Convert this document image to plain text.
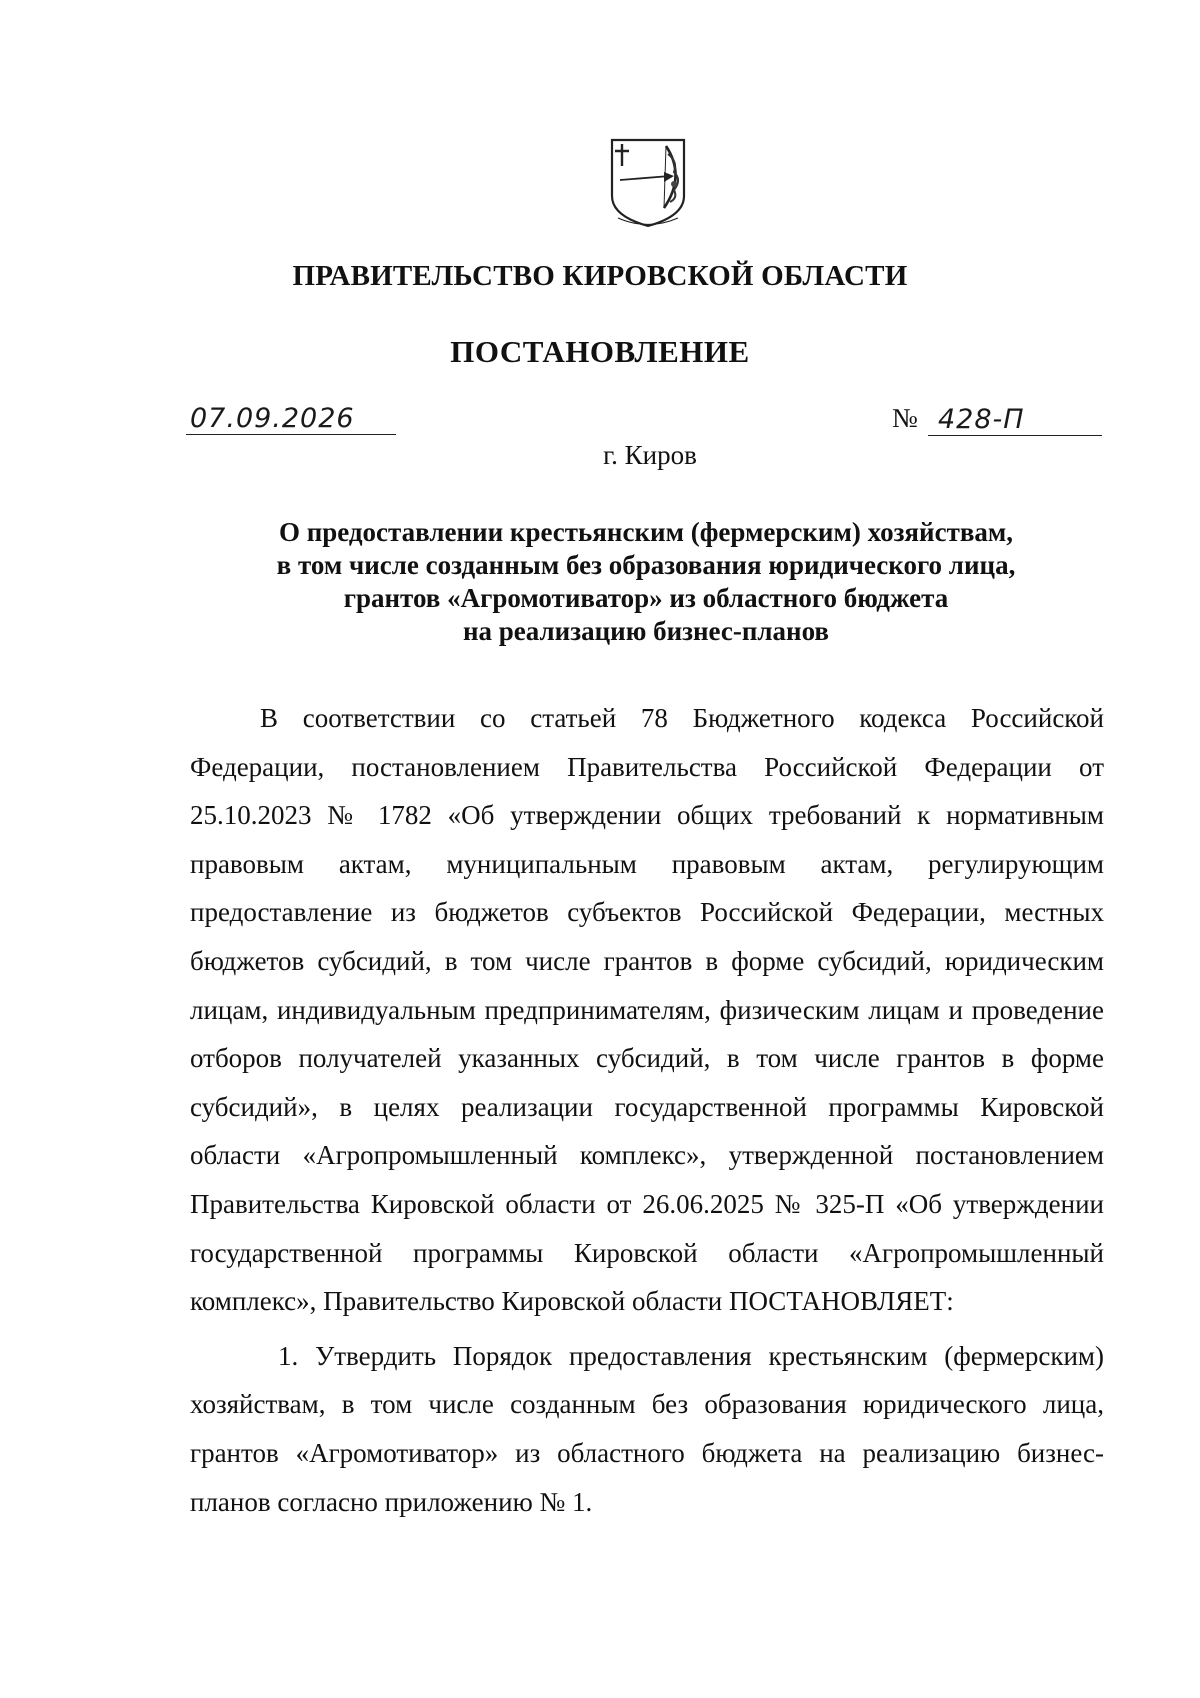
ПРАВИТЕЛЬСТВО КИРОВСКОЙ ОБЛАСТИ
ПОСТАНОВЛЕНИЕ
07.09.2026	№ 428-П
г. Киров
О предоставлении крестьянским (фермерским) хозяйствам,
в том числе созданным без образования юридического лица,
грантов «Агромотиватор» из областного бюджета
на реализацию бизнес-планов

В соответствии со статьей 78 Бюджетного кодекса Российской Федерации, постановлением Правительства Российской Федерации от 25.10.2023 № 1782 «Об утверждении общих требований к нормативным правовым актам, муниципальным правовым актам, регулирующим предоставление из бюджетов субъектов Российской Федерации, местных бюджетов субсидий, в том числе грантов в форме субсидий, юридическим лицам, индивидуальным предпринимателям, физическим лицам и проведение отборов получателей указанных субсидий, в том числе грантов в форме субсидий», в целях реализации государственной программы Кировской области «Агропромышленный комплекс», утвержденной постановлением Правительства Кировской области от 26.06.2025 № 325-П «Об утверждении государственной программы Кировской области «Агропромышленный комплекс», Правительство Кировской области ПОСТАНОВЛЯЕТ:

1. Утвердить Порядок предоставления крестьянским (фермерским) хозяйствам, в том числе созданным без образования юридического лица, грантов «Агромотиватор» из областного бюджета на реализацию бизнес-планов согласно приложению № 1.
